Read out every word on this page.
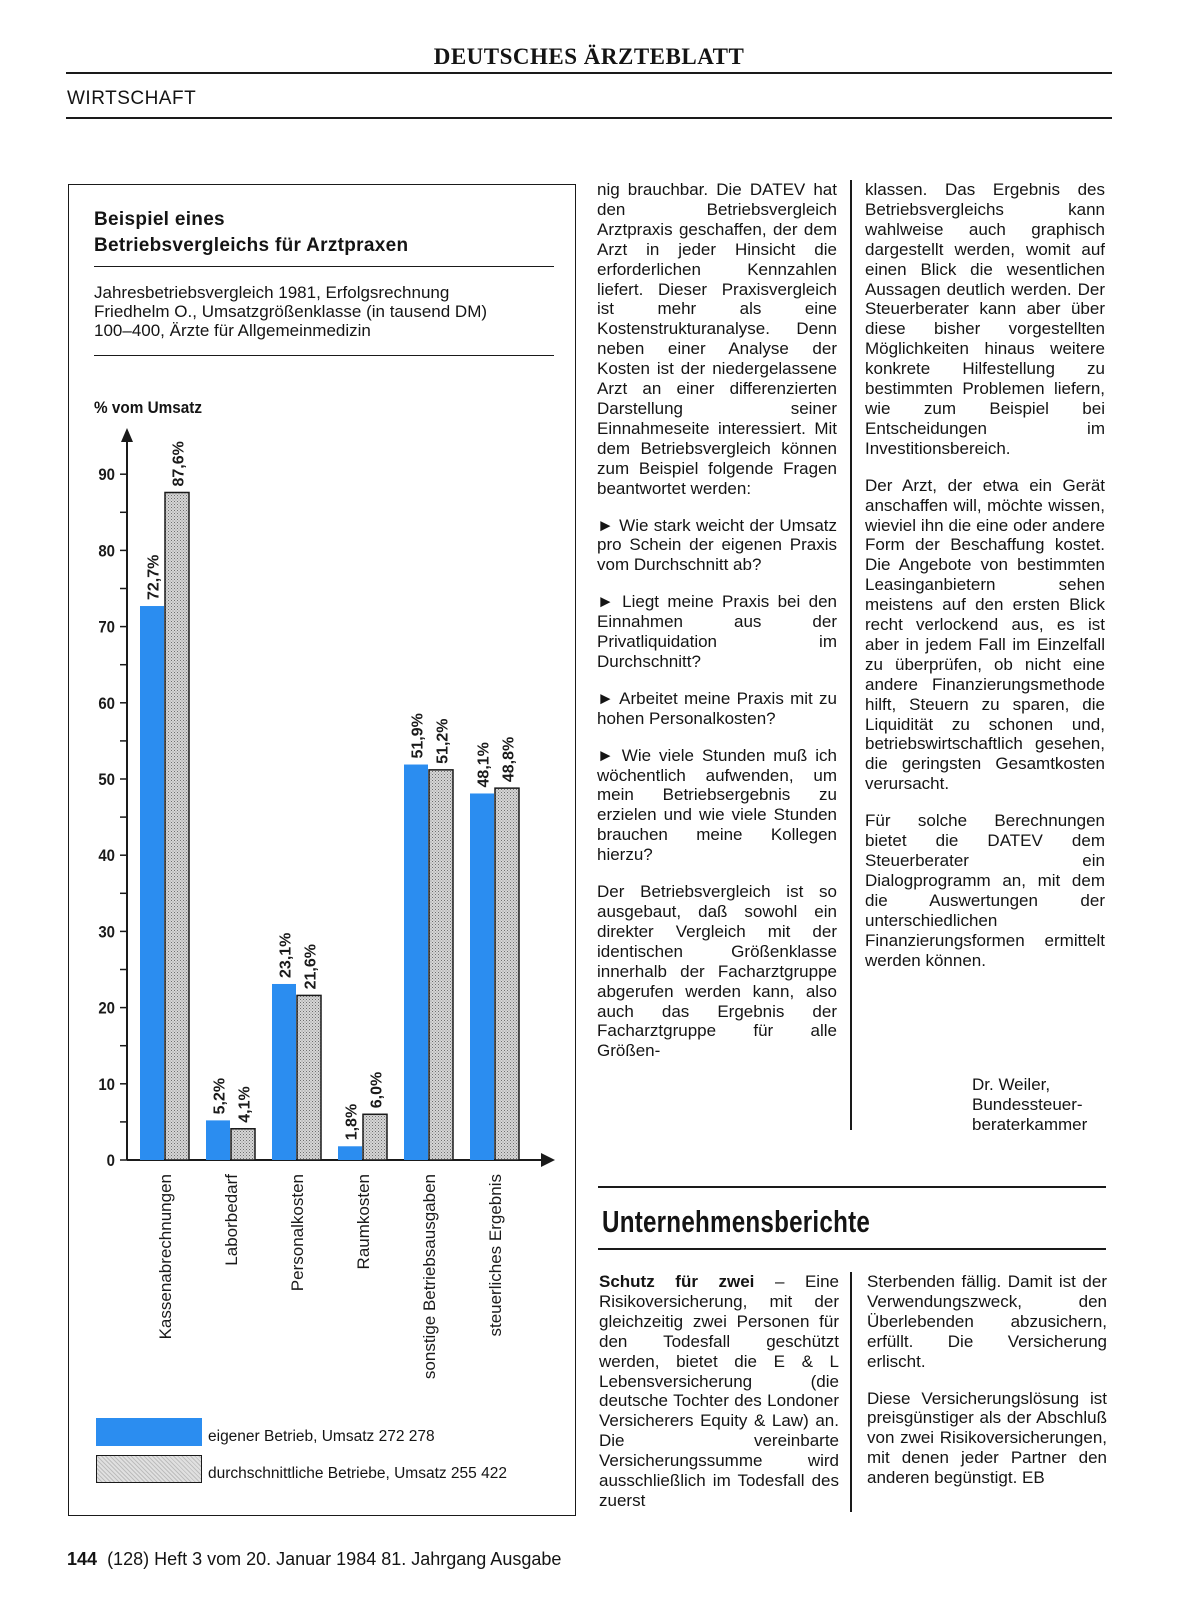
DEUTSCHES ÄRZTEBLATT
WIRTSCHAFT
Beispiel eines
Betriebsvergleichs für Arztpraxen
Jahresbetriebsvergleich 1981, Erfolgsrechnung
Friedhelm O., Umsatzgrößenklasse (in tausend DM)
100–400, Ärzte für Allgemeinmedizin
% vom Umsatz
0
10
20
30
40
50
60
70
80
90
72,7%
87,6%
Kassenabrechnungen
5,2% 4,1%
Laborbedarf
23,1% 21,6%
Personalkosten
1,8%
6,0%
Raumkosten
51,9% 51,2%
sonstige Betriebsausgaben
48,1% 48,8%
steuerliches Ergebnis
eigener Betrieb, Umsatz 272 278
durchschnittliche Betriebe, Umsatz 255 422

nig brauchbar. Die DATEV hat den Betriebsvergleich Arztpraxis geschaffen, der dem Arzt in jeder Hinsicht die erforderlichen Kennzahlen liefert. Dieser Praxisvergleich ist mehr als eine Kostenstrukturanalyse. Denn neben einer Analyse der Kosten ist der niedergelassene Arzt an einer differenzierten Darstellung seiner Einnahmeseite interessiert. Mit dem Betriebsvergleich können zum Beispiel folgende Fragen beantwortet werden:

► Wie stark weicht der Umsatz pro Schein der eigenen Praxis vom Durchschnitt ab?

► Liegt meine Praxis bei den Einnahmen aus der Privatliquidation im Durchschnitt?

► Arbeitet meine Praxis mit zu hohen Personalkosten?

► Wie viele Stunden muß ich wöchentlich aufwenden, um mein Betriebsergebnis zu erzielen und wie viele Stunden brauchen meine Kollegen hierzu?

Der Betriebsvergleich ist so ausgebaut, daß sowohl ein direkter Vergleich mit der identischen Größenklasse innerhalb der Facharztgruppe abgerufen werden kann, also auch das Ergebnis der Facharztgruppe für alle Größen-

klassen. Das Ergebnis des Betriebsvergleichs kann wahlweise auch graphisch dargestellt werden, womit auf einen Blick die wesentlichen Aussagen deutlich werden. Der Steuerberater kann aber über diese bisher vorgestellten Möglichkeiten hinaus weitere konkrete Hilfestellung zu bestimmten Problemen liefern, wie zum Beispiel bei Entscheidungen im Investitionsbereich.

Der Arzt, der etwa ein Gerät anschaffen will, möchte wissen, wieviel ihn die eine oder andere Form der Beschaffung kostet. Die Angebote von bestimmten Leasinganbietern sehen meistens auf den ersten Blick recht verlockend aus, es ist aber in jedem Fall im Einzelfall zu überprüfen, ob nicht eine andere Finanzierungsmethode hilft, Steuern zu sparen, die Liquidität zu schonen und, betriebswirtschaftlich gesehen, die geringsten Gesamtkosten verursacht.

Für solche Berechnungen bietet die DATEV dem Steuerberater ein Dialogprogramm an, mit dem die Auswertungen der unterschiedlichen Finanzierungsformen ermittelt werden können.

Dr. Weiler,
Bundessteuer-
beraterkammer
Unternehmensberichte

Schutz für zwei – Eine Risikoversicherung, mit der gleichzeitig zwei Personen für den Todesfall geschützt werden, bietet die E & L Lebensversicherung (die deutsche Tochter des Londoner Versicherers Equity & Law) an. Die vereinbarte Versicherungssumme wird ausschließlich im Todesfall des zuerst

Sterbenden fällig. Damit ist der Verwendungszweck, den Überlebenden abzusichern, erfüllt. Die Versicherung erlischt.

Diese Versicherungslösung ist preisgünstiger als der Abschluß von zwei Risikoversicherungen, mit denen jeder Partner den anderen begünstigt. EB

144 (128) Heft 3 vom 20. Januar 1984 81. Jahrgang Ausgabe
